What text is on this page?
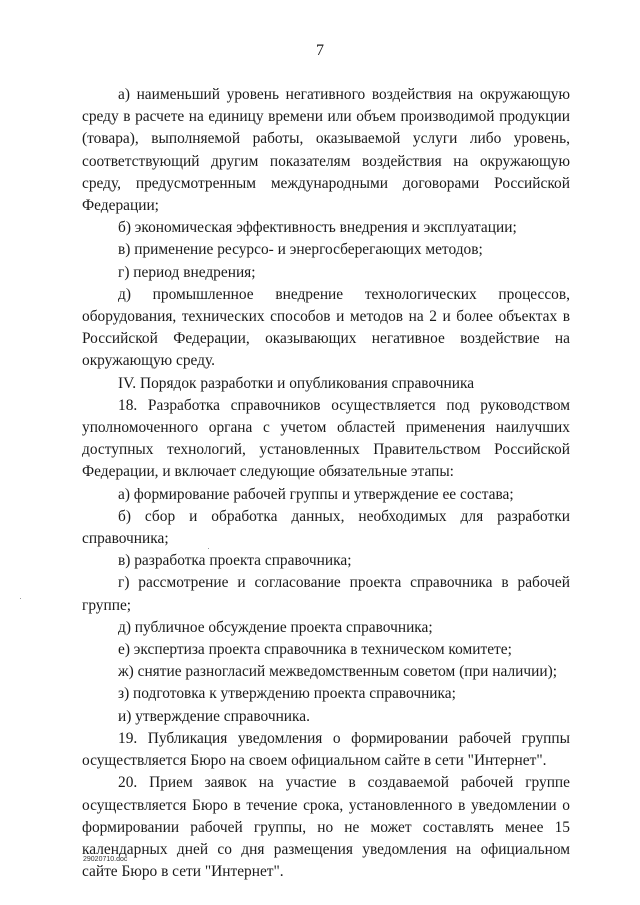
7

а) наименьший уровень негативного воздействия на окружающую среду в расчете на единицу времени или объем производимой продукции (товара), выполняемой работы, оказываемой услуги либо уровень, соответствующий другим показателям воздействия на окружающую среду, предусмотренным международными договорами Российской Федерации;

б) экономическая эффективность внедрения и эксплуатации;

в) применение ресурсо- и энергосберегающих методов;

г) период внедрения;

д) промышленное внедрение технологических процессов, оборудования, технических способов и методов на 2 и более объектах в Российской Федерации, оказывающих негативное воздействие на окружающую среду.

IV. Порядок разработки и опубликования справочника

18. Разработка справочников осуществляется под руководством уполномоченного органа с учетом областей применения наилучших доступных технологий, установленных Правительством Российской Федерации, и включает следующие обязательные этапы:

а) формирование рабочей группы и утверждение ее состава;

б) сбор и обработка данных, необходимых для разработки справочника;

в) разработка проекта справочника;

г) рассмотрение и согласование проекта справочника в рабочей группе;

д) публичное обсуждение проекта справочника;

е) экспертиза проекта справочника в техническом комитете;

ж) снятие разногласий межведомственным советом (при наличии);

з) подготовка к утверждению проекта справочника;

и) утверждение справочника.

19. Публикация уведомления о формировании рабочей группы осуществляется Бюро на своем официальном сайте в сети "Интернет".

20. Прием заявок на участие в создаваемой рабочей группе осуществляется Бюро в течение срока, установленного в уведомлении о формировании рабочей группы, но не может составлять менее 15 календарных дней со дня размещения уведомления на официальном сайте Бюро в сети "Интернет".

29020710.doc
